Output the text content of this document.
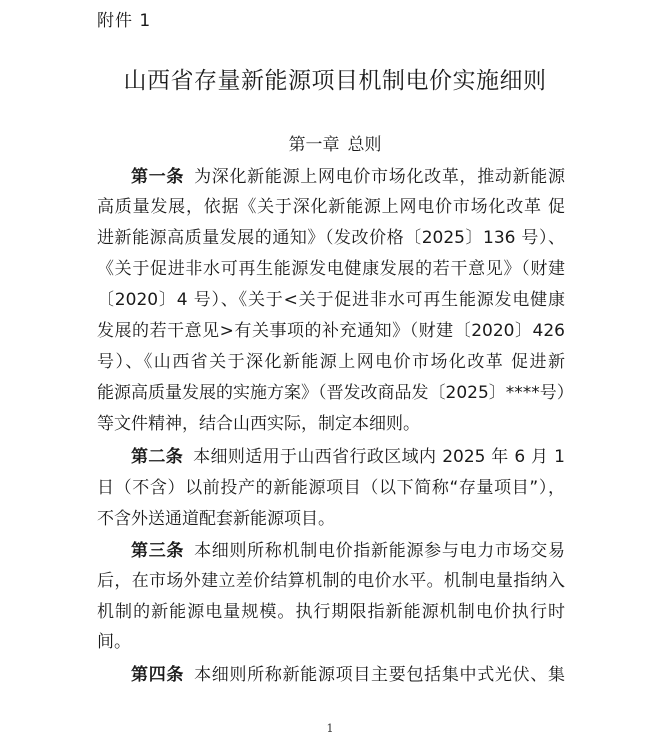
附件 1
山西省存量新能源项目机制电价实施细则
第一章 总则
第一条 为深化新能源上网电价市场化改革，推动新能源
高质量发展，依据《关于深化新能源上网电价市场化改革 促
进新能源高质量发展的通知》（发改价格〔2025〕136 号）、
《关于促进非水可再生能源发电健康发展的若干意见》（财建
〔2020〕4 号）、《关于<关于促进非水可再生能源发电健康
发展的若干意见>有关事项的补充通知》（财建〔2020〕426
号）、《山西省关于深化新能源上网电价市场化改革 促进新
能源高质量发展的实施方案》（晋发改商品发〔2025〕****号）
等文件精神，结合山西实际，制定本细则。
第二条 本细则适用于山西省行政区域内 2025 年 6 月 1
日（不含）以前投产的新能源项目（以下简称“存量项目”），
不含外送通道配套新能源项目。
第三条 本细则所称机制电价指新能源参与电力市场交易
后，在市场外建立差价结算机制的电价水平。机制电量指纳入
机制的新能源电量规模。执行期限指新能源机制电价执行时
间。
第四条 本细则所称新能源项目主要包括集中式光伏、集
1
